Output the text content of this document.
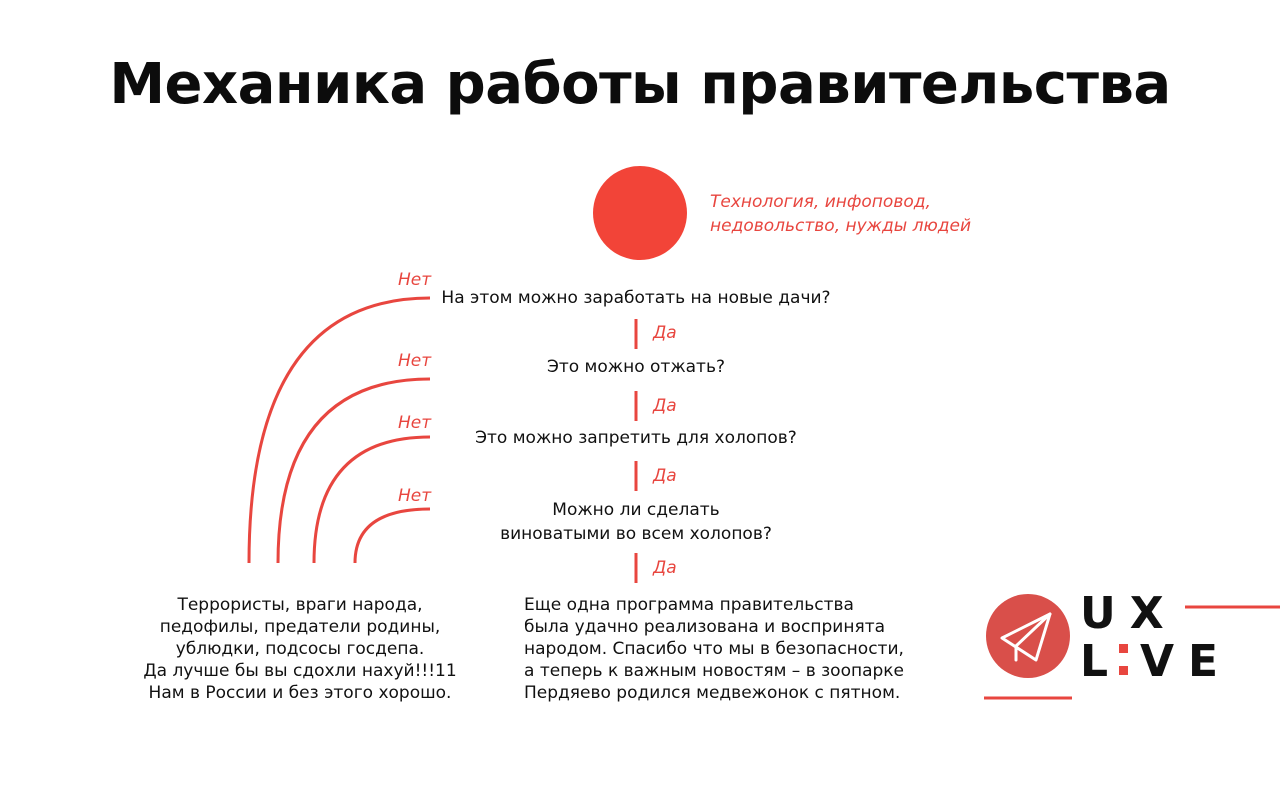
Механика работы правительства
Технология, инфоповод,
недовольство, нужды людей
На этом можно заработать на новые дачи?
Это можно отжать?
Это можно запретить для холопов?
Можно ли сделать
виноватыми во всем холопов?
Да
Да
Да
Да
Нет
Нет
Нет
Нет
Террористы, враги народа,
педофилы, предатели родины,
ублюдки, подсосы госдепа.
Да лучше бы вы сдохли нахуй!!!11
Нам в России и без этого хорошо.
Еще одна программа правительства
была удачно реализована и воспринята
народом. Спасибо что мы в безопасности,
а теперь к важным новостям – в зоопарке
Пердяево родился медвежонок с пятном.
UX
L VE
